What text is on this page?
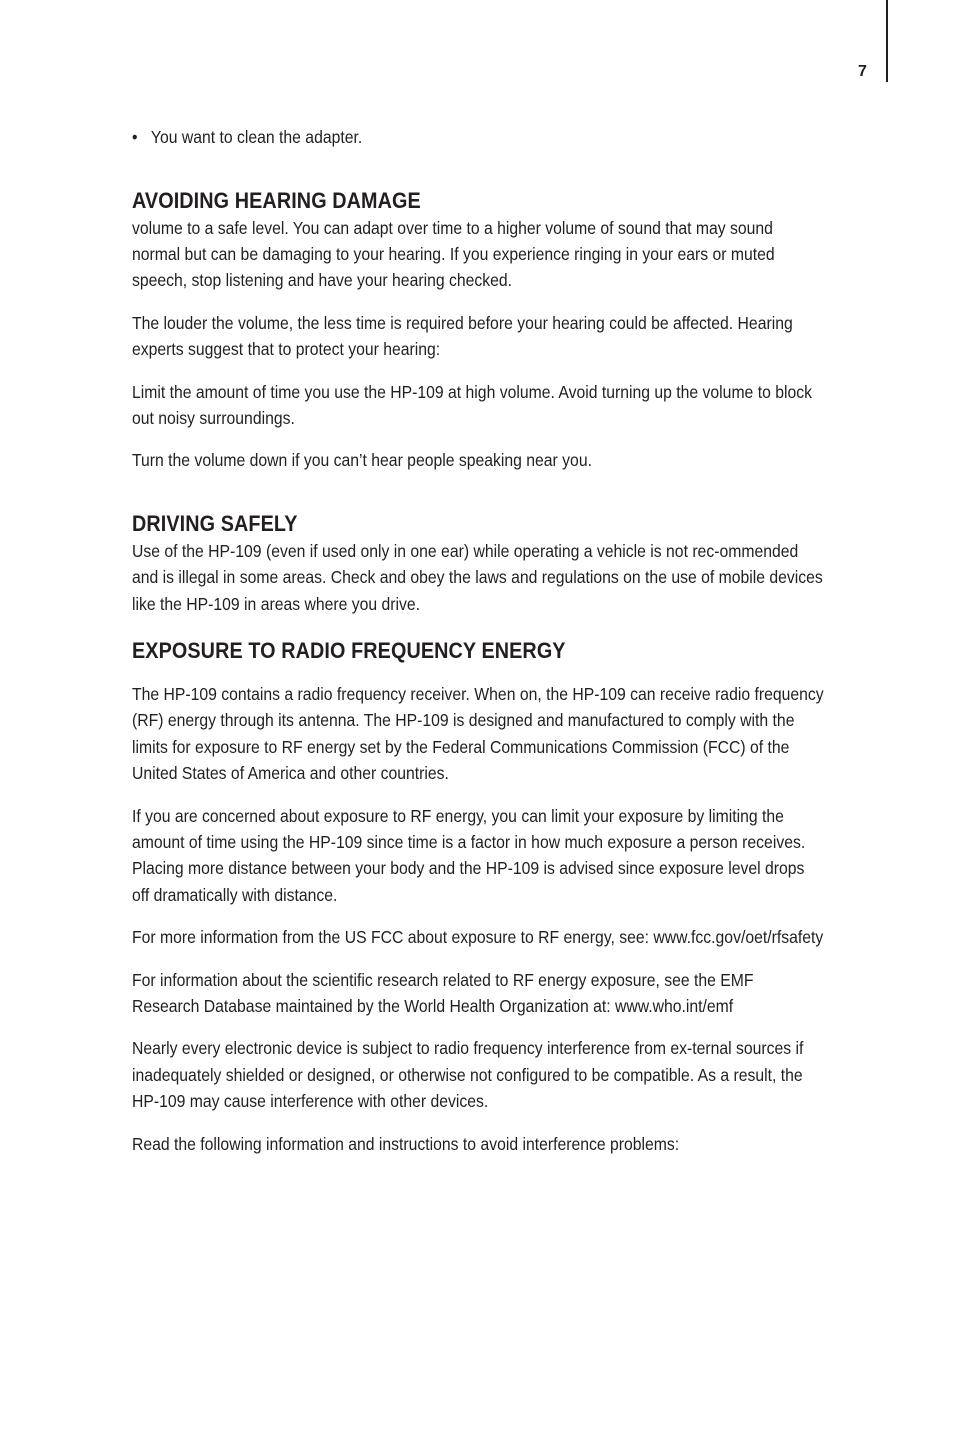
7

• You want to clean the adapter.

AVOIDING HEARING DAMAGE

volume to a safe level. You can adapt over time to a higher volume of sound that may sound normal but can be damaging to your hearing. If you experience ringing in your ears or muted speech, stop listening and have your hearing checked.

The louder the volume, the less time is required before your hearing could be affected. Hearing experts suggest that to protect your hearing:

Limit the amount of time you use the HP-109 at high volume. Avoid turning up the volume to block out noisy surroundings.

Turn the volume down if you can’t hear people speaking near you.

DRIVING SAFELY

Use of the HP-109 (even if used only in one ear) while operating a vehicle is not rec-ommended and is illegal in some areas. Check and obey the laws and regulations on the use of mobile devices like the HP-109 in areas where you drive.

EXPOSURE TO RADIO FREQUENCY ENERGY

The HP-109 contains a radio frequency receiver. When on, the HP-109 can receive radio frequency (RF) energy through its antenna. The HP-109 is designed and manufactured to comply with the limits for exposure to RF energy set by the Federal Communications Commission (FCC) of the United States of America and other countries.

If you are concerned about exposure to RF energy, you can limit your exposure by limiting the amount of time using the HP-109 since time is a factor in how much exposure a person receives. Placing more distance between your body and the HP-109 is advised since exposure level drops off dramatically with distance.

For more information from the US FCC about exposure to RF energy, see: www.fcc.gov/oet/rfsafety

For information about the scientific research related to RF energy exposure, see the EMF Research Database maintained by the World Health Organization at: www.who.int/emf

Nearly every electronic device is subject to radio frequency interference from ex-ternal sources if inadequately shielded or designed, or otherwise not configured to be compatible. As a result, the HP-109 may cause interference with other devices.

Read the following information and instructions to avoid interference problems:
